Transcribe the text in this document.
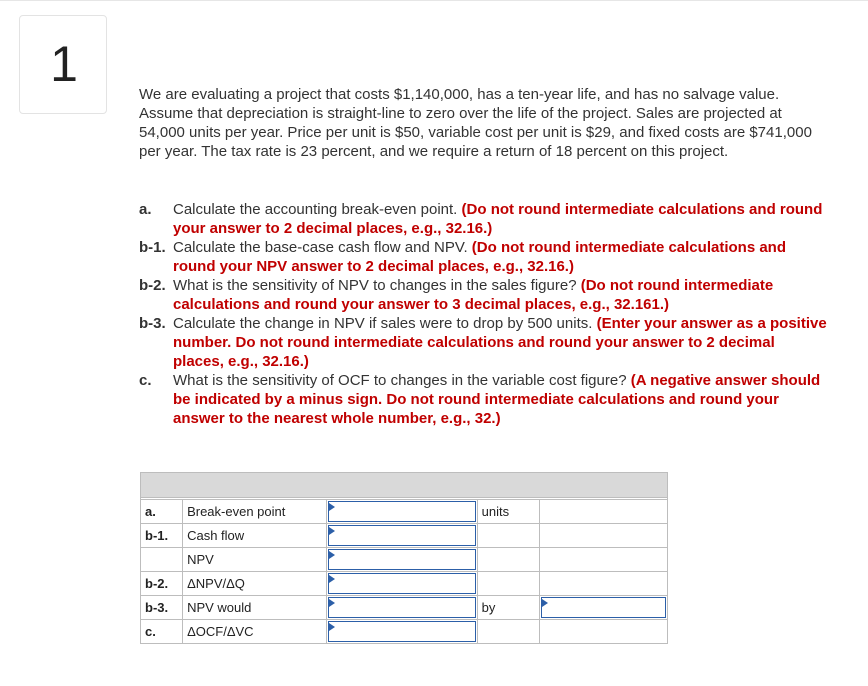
1
We are evaluating a project that costs $1,140,000, has a ten-year life, and has no salvage value. Assume that depreciation is straight-line to zero over the life of the project. Sales are projected at 54,000 units per year. Price per unit is $50, variable cost per unit is $29, and fixed costs are $741,000 per year. The tax rate is 23 percent, and we require a return of 18 percent on this project.
a. Calculate the accounting break-even point. (Do not round intermediate calculations and round your answer to 2 decimal places, e.g., 32.16.)
b-1. Calculate the base-case cash flow and NPV. (Do not round intermediate calculations and round your NPV answer to 2 decimal places, e.g., 32.16.)
b-2. What is the sensitivity of NPV to changes in the sales figure? (Do not round intermediate calculations and round your answer to 3 decimal places, e.g., 32.161.)
b-3. Calculate the change in NPV if sales were to drop by 500 units. (Enter your answer as a positive number. Do not round intermediate calculations and round your answer to 2 decimal places, e.g., 32.16.)
c. What is the sensitivity of OCF to changes in the variable cost figure? (A negative answer should be indicated by a minus sign. Do not round intermediate calculations and round your answer to the nearest whole number, e.g., 32.)

a.	Break-even point		units	
b-1.	Cash flow	

	NPV	

b-2.	ΔNPV/ΔQ	

b-3.	NPV would		by	

c.	ΔOCF/ΔVC	
